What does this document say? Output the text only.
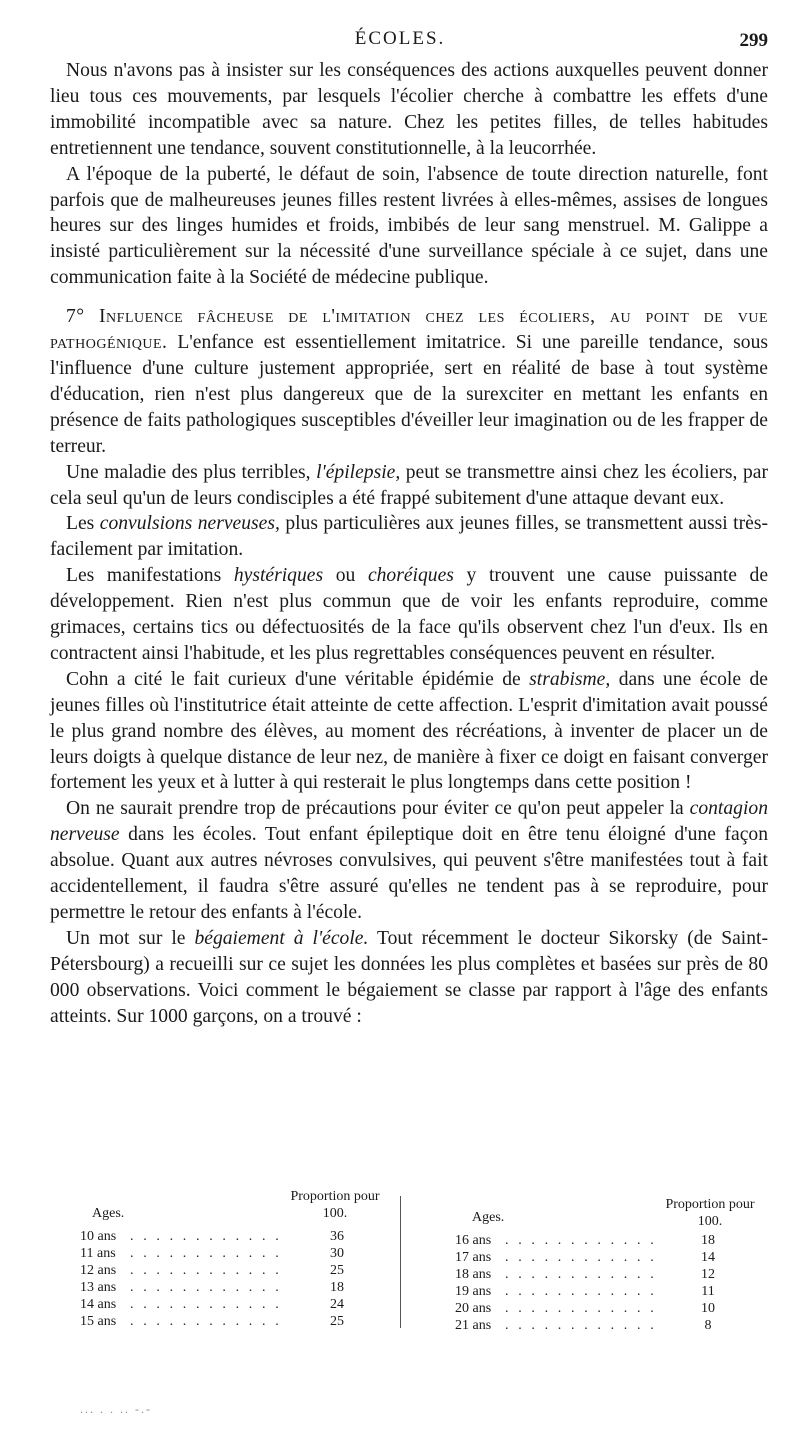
ÉCOLES.	299

Nous n'avons pas à insister sur les conséquences des actions auxquelles peuvent donner lieu tous ces mouvements, par lesquels l'écolier cherche à combattre les effets d'une immobilité incompatible avec sa nature. Chez les petites filles, de telles habitudes entretiennent une tendance, souvent constitutionnelle, à la leucorrhée.

A l'époque de la puberté, le défaut de soin, l'absence de toute direction naturelle, font parfois que de malheureuses jeunes filles restent livrées à elles-mêmes, assises de longues heures sur des linges humides et froids, imbibés de leur sang menstruel. M. Galippe a insisté particulièrement sur la nécessité d'une surveillance spéciale à ce sujet, dans une communication faite à la Société de médecine publique.

7° Influence fâcheuse de l'imitation chez les écoliers, au point de vue pathogénique. L'enfance est essentiellement imitatrice. Si une pareille tendance, sous l'influence d'une culture justement appropriée, sert en réalité de base à tout système d'éducation, rien n'est plus dangereux que de la surexciter en mettant les enfants en présence de faits pathologiques susceptibles d'éveiller leur imagination ou de les frapper de terreur.

Une maladie des plus terribles, l'épilepsie, peut se transmettre ainsi chez les écoliers, par cela seul qu'un de leurs condisciples a été frappé subitement d'une attaque devant eux.

Les convulsions nerveuses, plus particulières aux jeunes filles, se transmettent aussi très-facilement par imitation.

Les manifestations hystériques ou choréiques y trouvent une cause puissante de développement. Rien n'est plus commun que de voir les enfants reproduire, comme grimaces, certains tics ou défectuosités de la face qu'ils observent chez l'un d'eux. Ils en contractent ainsi l'habitude, et les plus regrettables conséquences peuvent en résulter.

Cohn a cité le fait curieux d'une véritable épidémie de strabisme, dans une école de jeunes filles où l'institutrice était atteinte de cette affection. L'esprit d'imitation avait poussé le plus grand nombre des élèves, au moment des récréations, à inventer de placer un de leurs doigts à quelque distance de leur nez, de manière à fixer ce doigt en faisant converger fortement les yeux et à lutter à qui resterait le plus longtemps dans cette position !

On ne saurait prendre trop de précautions pour éviter ce qu'on peut appeler la contagion nerveuse dans les écoles. Tout enfant épileptique doit en être tenu éloigné d'une façon absolue. Quant aux autres névroses convulsives, qui peuvent s'être manifestées tout à fait accidentellement, il faudra s'être assuré qu'elles ne tendent pas à se reproduire, pour permettre le retour des enfants à l'école.

Un mot sur le bégaiement à l'école. Tout récemment le docteur Sikorsky (de Saint-Pétersbourg) a recueilli sur ce sujet les données les plus complètes et basées sur près de 80 000 observations. Voici comment le bégaiement se classe par rapport à l'âge des enfants atteints. Sur 1000 garçons, on a trouvé :

Ages.
Proportion pour 100.
10 ans . . . . . . . . . . . .	36
11 ans . . . . . . . . . . . .	30
12 ans . . . . . . . . . . . .	25
13 ans . . . . . . . . . . . .	18
14 ans . . . . . . . . . . . .	24
15 ans . . . . . . . . . . . .	25
Ages.
Proportion pour 100.
16 ans . . . . . . . . . . . .	18
17 ans . . . . . . . . . . . .	14
18 ans . . . . . . . . . . . .	12
19 ans . . . . . . . . . . . .	11
20 ans . . . . . . . . . . . .	10
21 ans . . . . . . . . . . . .	8
... . . .. -.-
